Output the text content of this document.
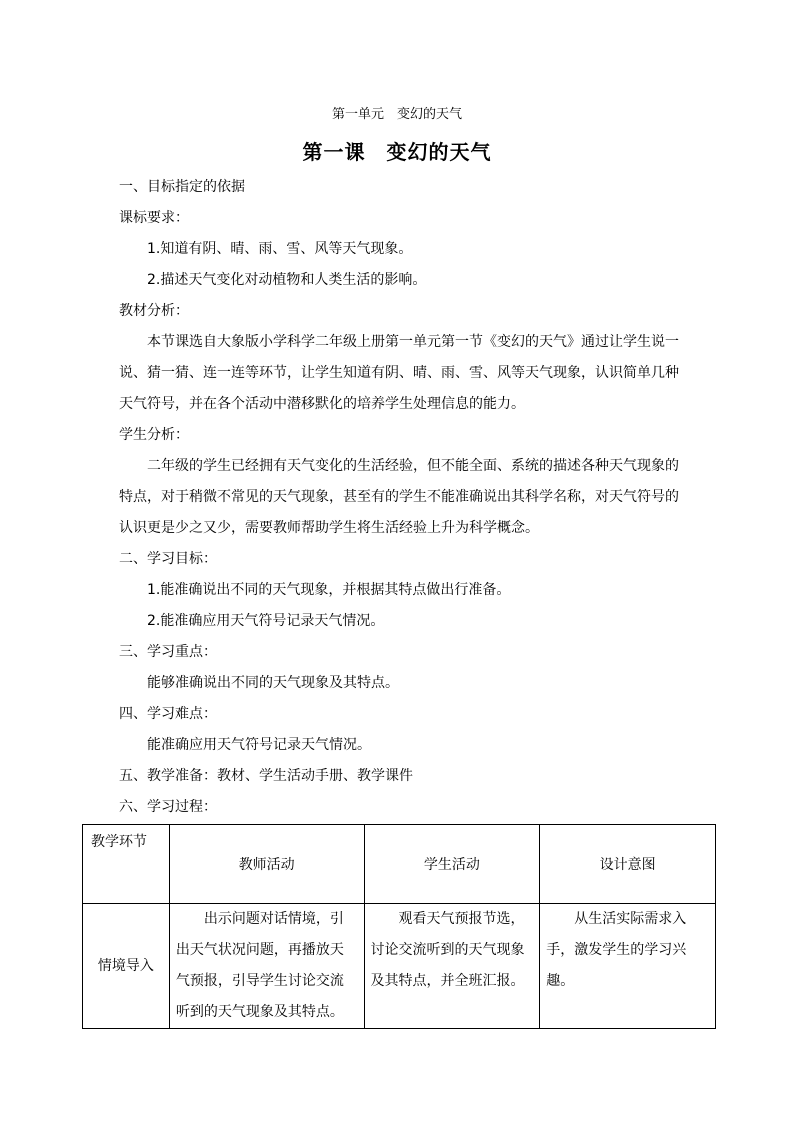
第一单元　变幻的天气
第一课　变幻的天气

一、目标指定的依据

课标要求：

1.知道有阴、晴、雨、雪、风等天气现象。

2.描述天气变化对动植物和人类生活的影响。

教材分析：

本节课选自大象版小学科学二年级上册第一单元第一节《变幻的天气》通过让学生说一说、猜一猜、连一连等环节，让学生知道有阴、晴、雨、雪、风等天气现象，认识简单几种天气符号，并在各个活动中潜移默化的培养学生处理信息的能力。

学生分析：

二年级的学生已经拥有天气变化的生活经验，但不能全面、系统的描述各种天气现象的特点，对于稍微不常见的天气现象，甚至有的学生不能准确说出其科学名称，对天气符号的认识更是少之又少，需要教师帮助学生将生活经验上升为科学概念。

二、学习目标：

1.能准确说出不同的天气现象，并根据其特点做出行准备。

2.能准确应用天气符号记录天气情况。

三、学习重点：

能够准确说出不同的天气现象及其特点。

四、学习难点：

能准确应用天气符号记录天气情况。

五、教学准备：教材、学生活动手册、教学课件

六、学习过程：

教学环节	教师活动	学生活动	设计意图
情境导入	出示问题对话情境，引出天气状况问题，再播放天气预报，引导学生讨论交流听到的天气现象及其特点。	观看天气预报节选，讨论交流听到的天气现象及其特点，并全班汇报。	从生活实际需求入手，激发学生的学习兴趣。
